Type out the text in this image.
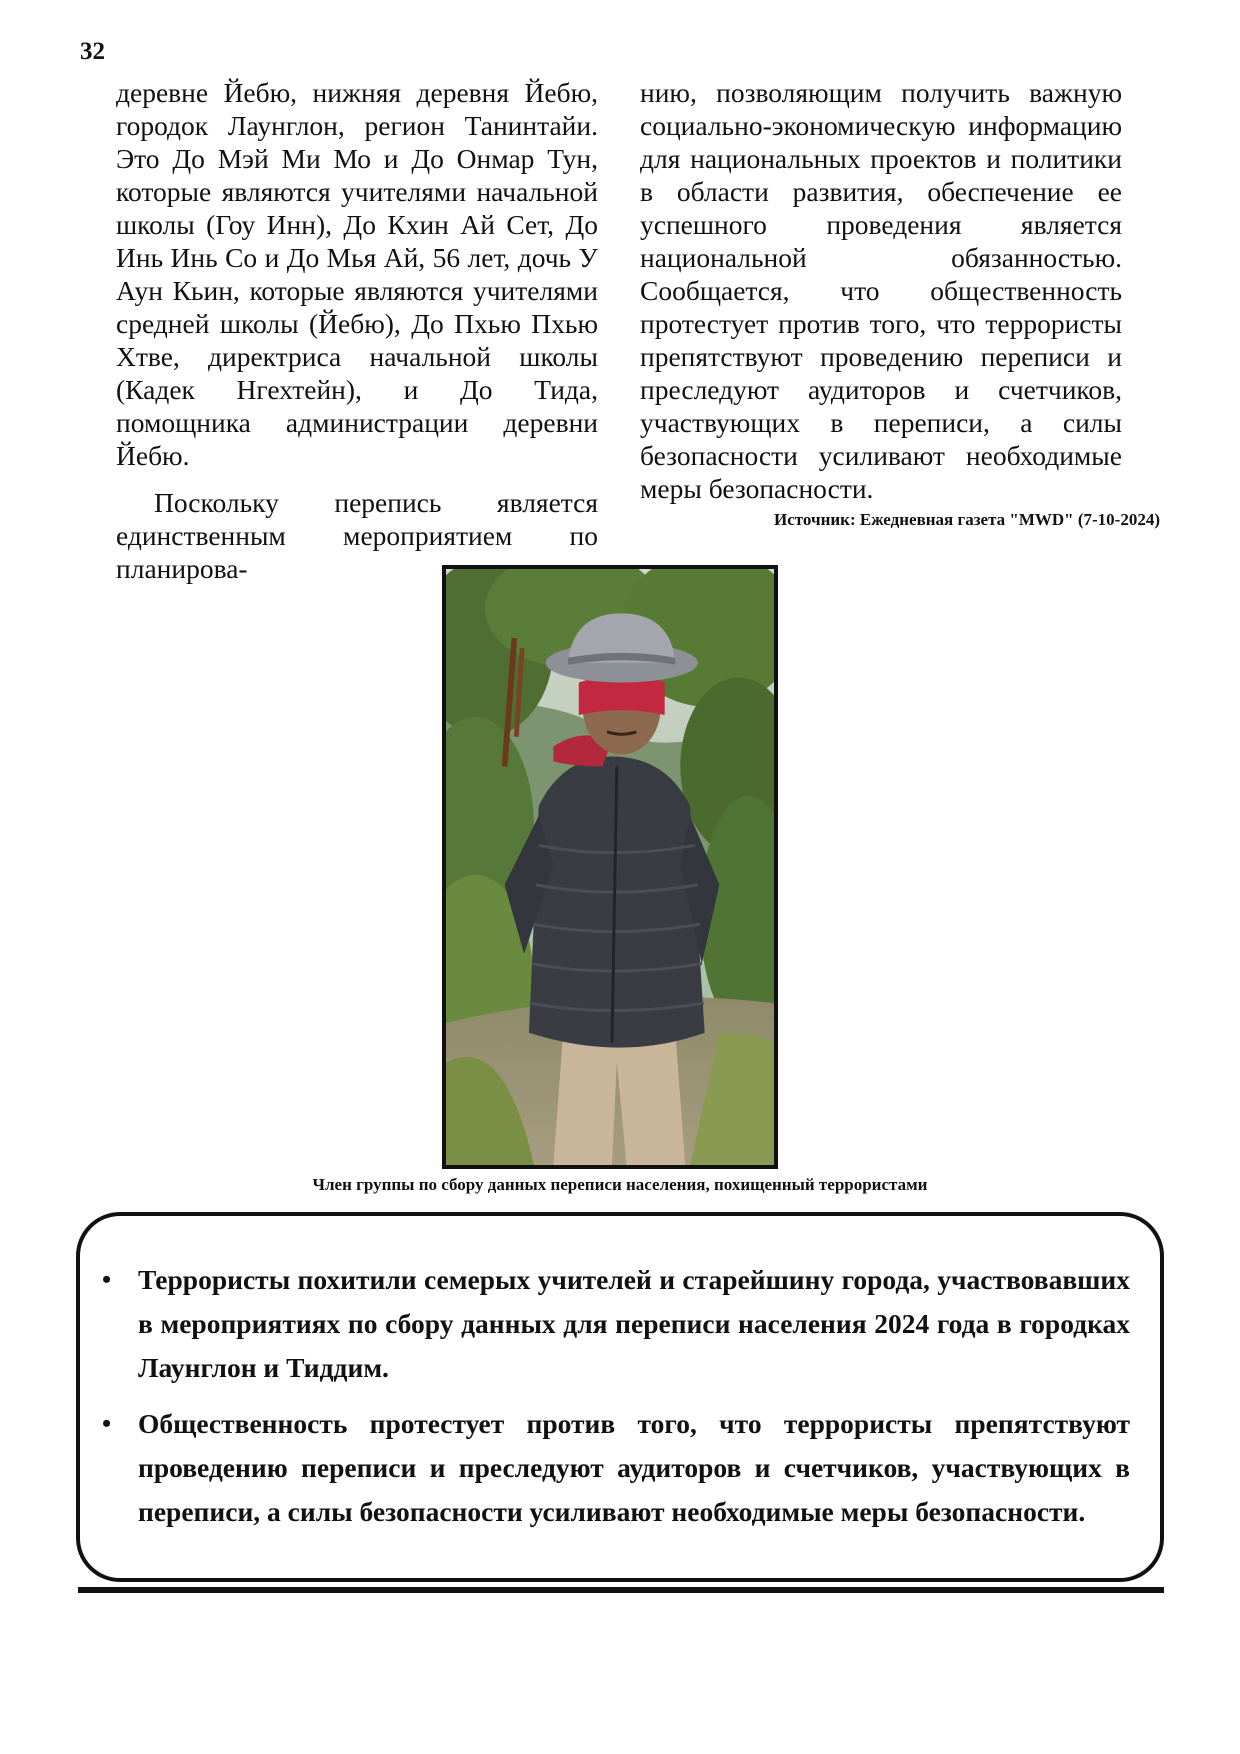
32

деревне Йебю, нижняя деревня Йебю, городок Лаунглон, регион Танинтайи. Это До Мэй Ми Мо и До Онмар Тун, которые являются учителями начальной школы (Гоу Инн), До Кхин Ай Сет, До Инь Инь Со и До Мья Ай, 56 лет, дочь У Аун Кьин, которые являются учителями средней школы (Йебю), До Пхью Пхью Хтве, директриса начальной школы (Кадек Нгехтейн), и До Тида, помощника администрации деревни Йебю.

Поскольку перепись является единственным мероприятием по планирова-

нию, позволяющим получить важную социально-экономическую информацию для национальных проектов и политики в области развития, обеспечение ее успешного проведения является национальной обязанностью. Сообщается, что общественность протестует против того, что террористы препятствуют проведению переписи и преследуют аудиторов и счетчиков, участвующих в переписи, а силы безопасности усиливают необходимые меры безопасности.

Источник: Ежедневная газета "MWD" (7-10-2024)
Член группы по сбору данных переписи населения, похищенный террористами
• Террористы похитили семерых учителей и старейшину города, участвовавших в мероприятиях по сбору данных для переписи населения 2024 года в городках Лаунглон и Тиддим.
• Общественность протестует против того, что террористы препятствуют проведению переписи и преследуют аудиторов и счетчиков, участвующих в переписи, а силы безопасности усиливают необходимые меры безопасности.
